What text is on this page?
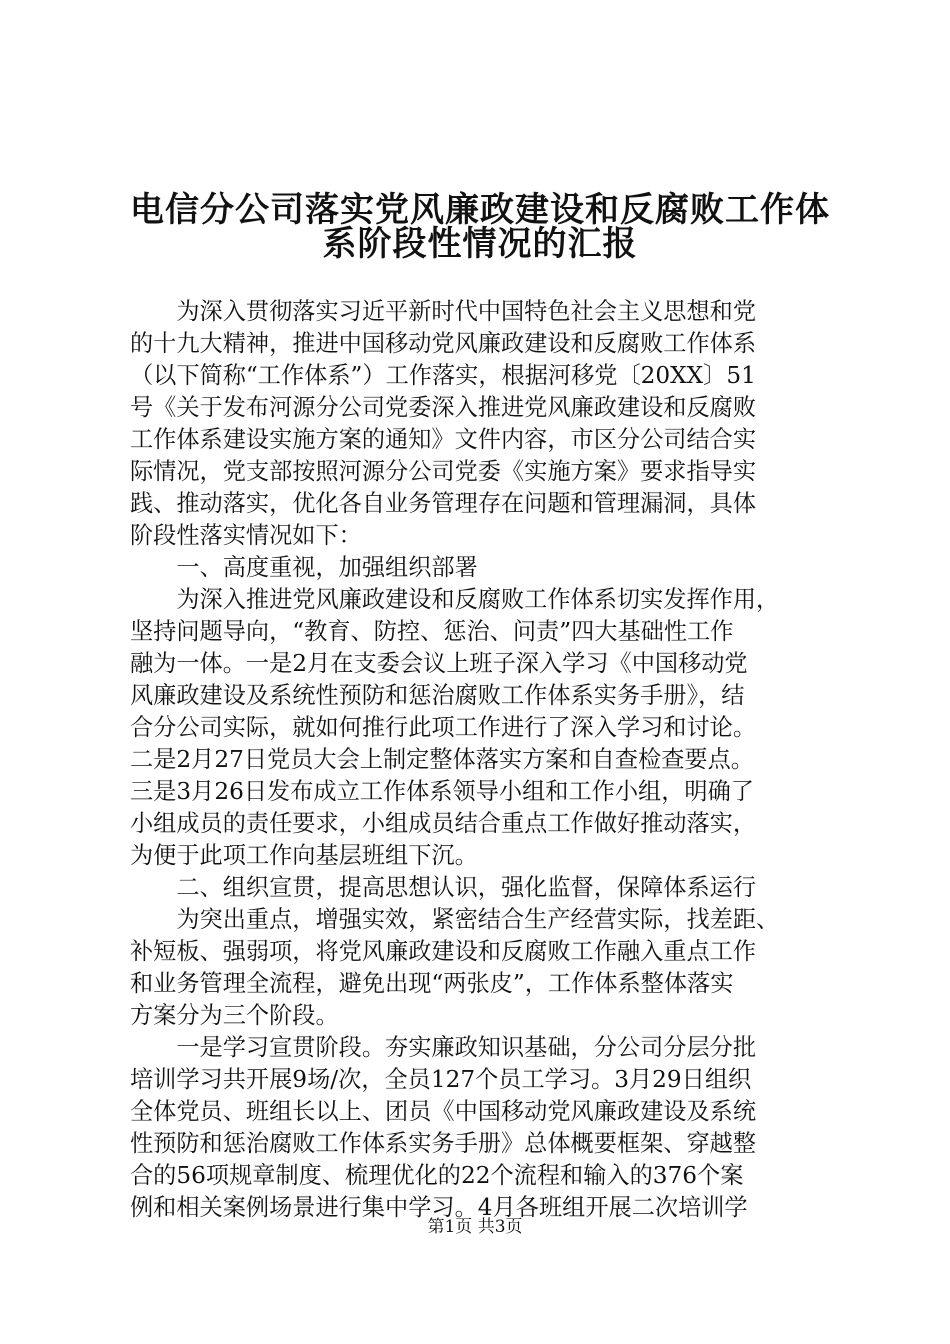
电信分公司落实党风廉政建设和反腐败工作体
系阶段性情况的汇报
　　为深入贯彻落实习近平新时代中国特色社会主义思想和党
的十九大精神，推进中国移动党风廉政建设和反腐败工作体系
（以下简称“工作体系”）工作落实，根据河移党〔20XX〕51
号《关于发布河源分公司党委深入推进党风廉政建设和反腐败
工作体系建设实施方案的通知》文件内容，市区分公司结合实
际情况，党支部按照河源分公司党委《实施方案》要求指导实
践、推动落实，优化各自业务管理存在问题和管理漏洞，具体
阶段性落实情况如下：
　　一、高度重视，加强组织部署
　　为深入推进党风廉政建设和反腐败工作体系切实发挥作用，
坚持问题导向，“教育、防控、惩治、问责”四大基础性工作
融为一体。一是2月在支委会议上班子深入学习《中国移动党
风廉政建设及系统性预防和惩治腐败工作体系实务手册》，结
合分公司实际，就如何推行此项工作进行了深入学习和讨论。
二是2月27日党员大会上制定整体落实方案和自查检查要点。
三是3月26日发布成立工作体系领导小组和工作小组，明确了
小组成员的责任要求，小组成员结合重点工作做好推动落实，
为便于此项工作向基层班组下沉。
　　二、组织宣贯，提高思想认识，强化监督，保障体系运行
　　为突出重点，增强实效，紧密结合生产经营实际，找差距、
补短板、强弱项，将党风廉政建设和反腐败工作融入重点工作
和业务管理全流程，避免出现“两张皮”，工作体系整体落实
方案分为三个阶段。
　　一是学习宣贯阶段。夯实廉政知识基础，分公司分层分批
培训学习共开展9场/次，全员127个员工学习。3月29日组织
全体党员、班组长以上、团员《中国移动党风廉政建设及系统
性预防和惩治腐败工作体系实务手册》总体概要框架、穿越整
合的56项规章制度、梳理优化的22个流程和输入的376个案
例和相关案例场景进行集中学习。4月各班组开展二次培训学
第1页 共3页
